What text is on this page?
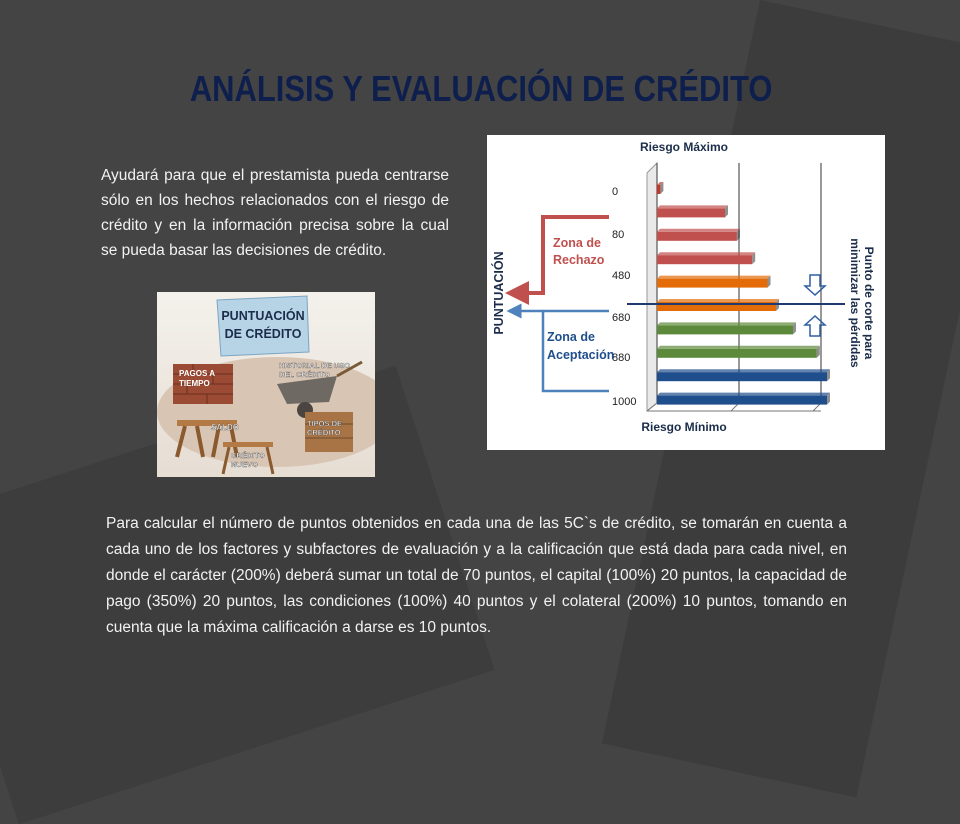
ANÁLISIS Y EVALUACIÓN DE CRÉDITO
Ayudará para que el prestamista pueda centrarse sólo en los hechos relacionados con el riesgo de crédito y en la información precisa sobre la cual se pueda basar las decisiones de crédito.
PUNTUACIÓN
DE CRÉDITO
PAGOS A
TIEMPO
HISTORIAL DE USO
DEL CRÉDITO
SALDO	TIPOS DE
CRÉDITO
CRÉDITO
NUEVO
0
80
480
680
880
1000
Riesgo Máximo
Riesgo Mínimo
PUNTUACIÓN
Zona de
Rechazo
Zona de
Aceptación	Punto de corte para
minimizar las pérdidas
Para calcular el número de puntos obtenidos en cada una de las 5C`s de crédito, se tomarán en cuenta a cada uno de los factores y subfactores de evaluación y a la calificación que está dada para cada nivel, en donde el carácter (200%) deberá sumar un total de 70 puntos, el capital (100%) 20 puntos, la capacidad de pago (350%) 20 puntos, las condiciones (100%) 40 puntos y el colateral (200%) 10 puntos, tomando en cuenta que la máxima calificación a darse es 10 puntos.
